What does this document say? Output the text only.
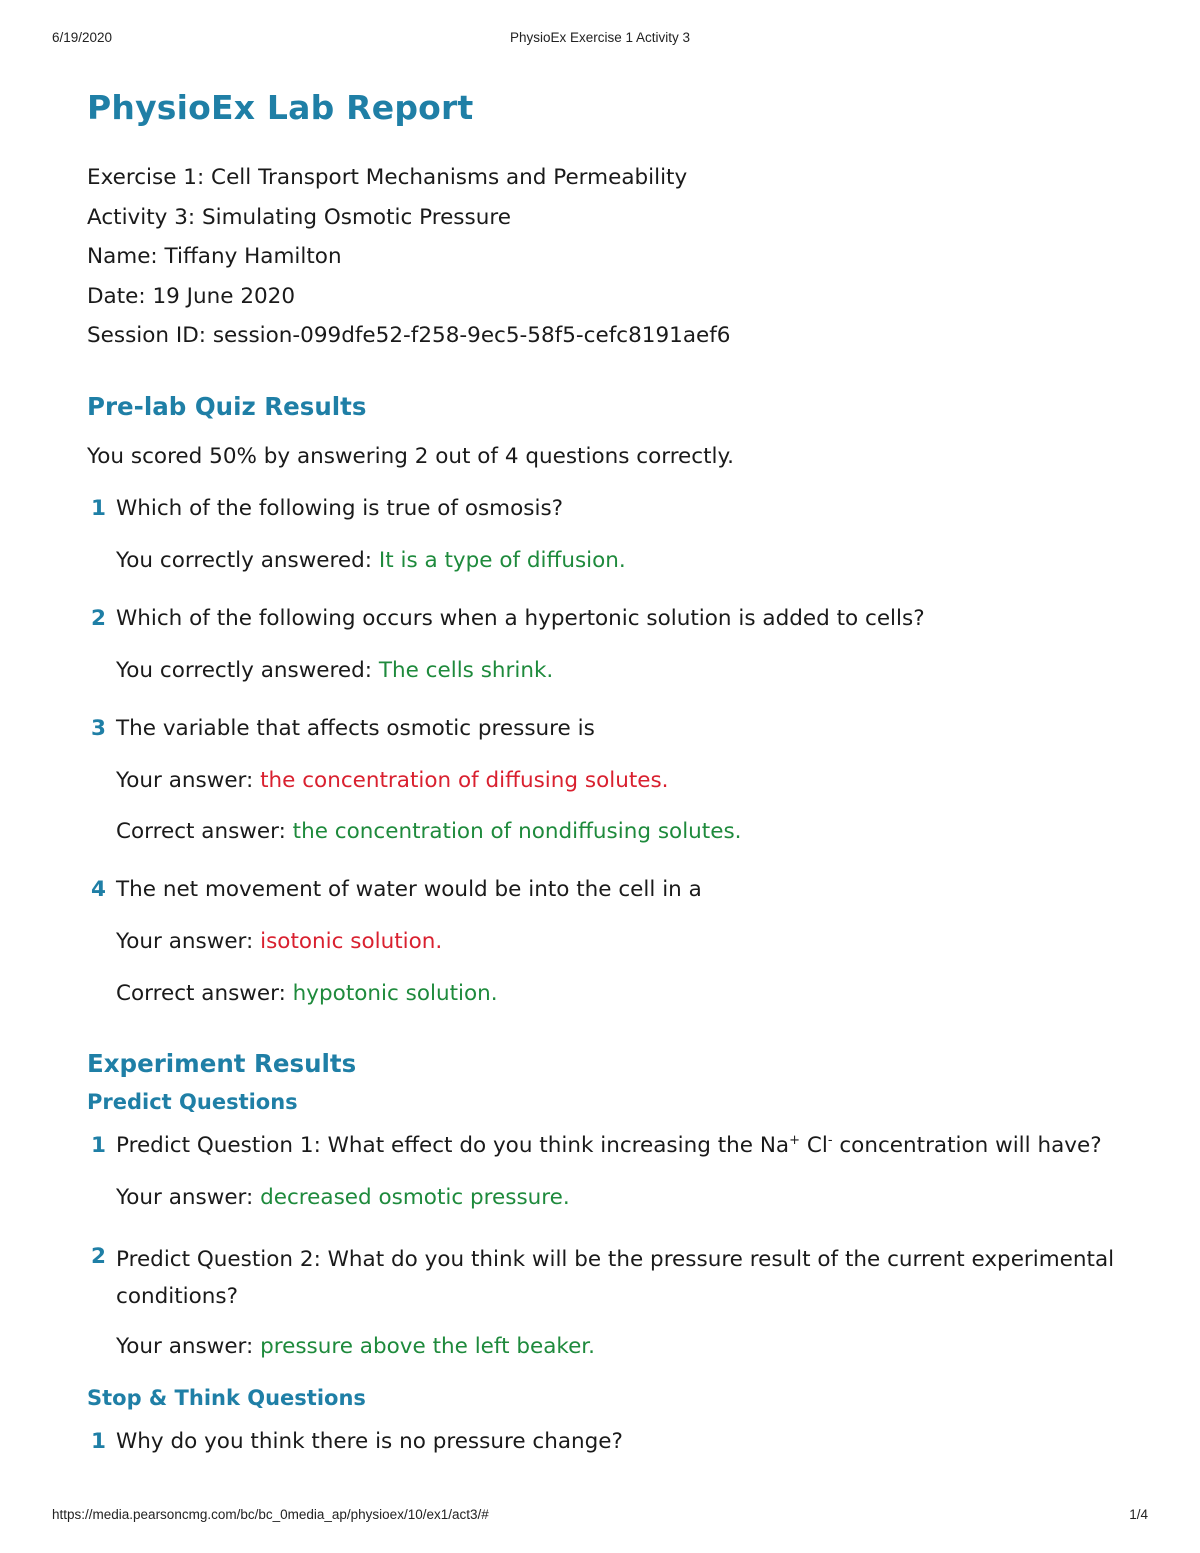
6/19/2020	PhysioEx Exercise 1 Activity 3
PhysioEx Lab Report
Exercise 1: Cell Transport Mechanisms and Permeability
Activity 3: Simulating Osmotic Pressure
Name: Tiffany Hamilton
Date: 19 June 2020
Session ID: session-099dfe52-f258-9ec5-58f5-cefc8191aef6
Pre-lab Quiz Results
You scored 50% by answering 2 out of 4 questions correctly.
1 Which of the following is true of osmosis?
You correctly answered: It is a type of diffusion.
2 Which of the following occurs when a hypertonic solution is added to cells?
You correctly answered: The cells shrink.
3 The variable that affects osmotic pressure is
Your answer: the concentration of diffusing solutes.
Correct answer: the concentration of nondiffusing solutes.
4 The net movement of water would be into the cell in a
Your answer: isotonic solution.
Correct answer: hypotonic solution.
Experiment Results
Predict Questions
1 Predict Question 1: What effect do you think increasing the Na+ Cl- concentration will have?
Your answer: decreased osmotic pressure.
2 Predict Question 2: What do you think will be the pressure result of the current experimental conditions?
Your answer: pressure above the left beaker.
Stop & Think Questions
1 Why do you think there is no pressure change?
https://media.pearsoncmg.com/bc/bc_0media_ap/physioex/10/ex1/act3/#	1/4
